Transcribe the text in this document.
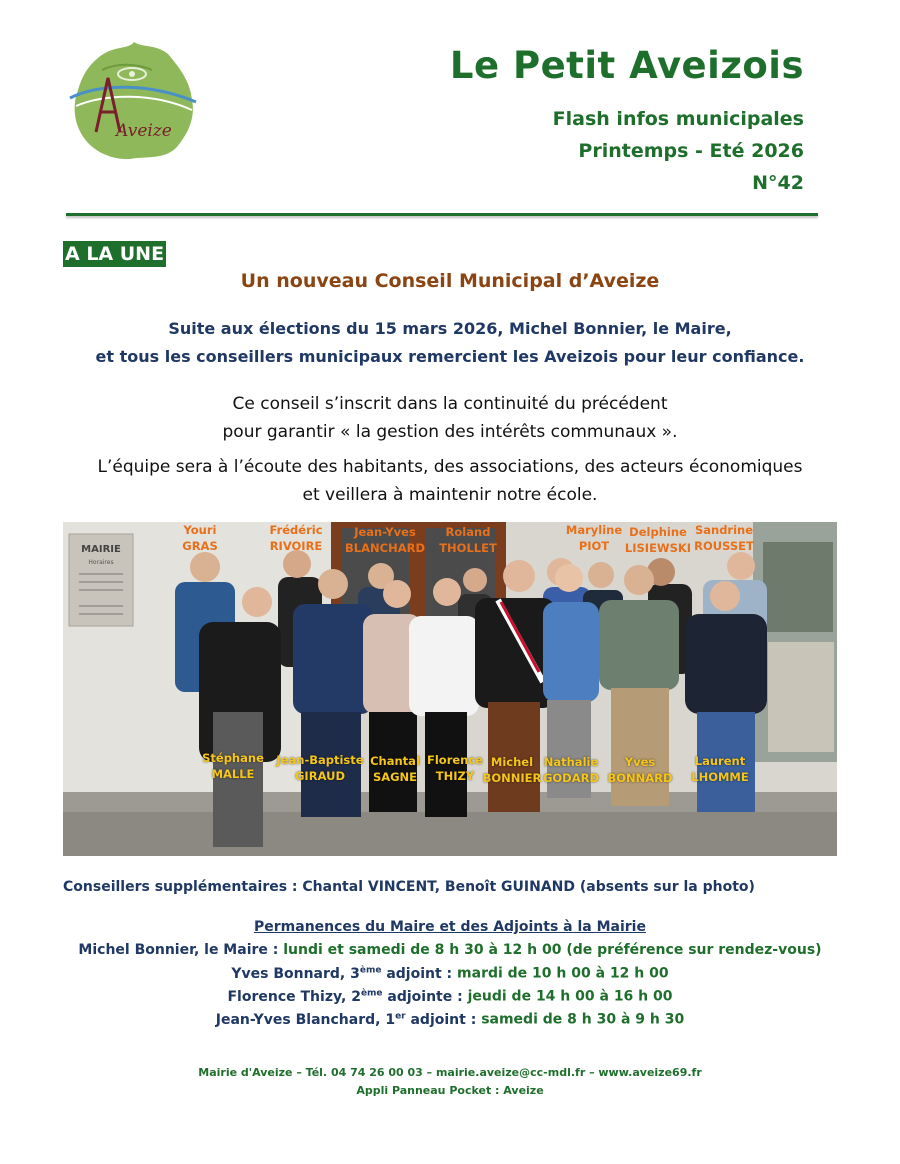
Aveize
Le Petit Aveizois
Flash infos municipales
Printemps - Eté 2026
N°42
A LA UNE
Un nouveau Conseil Municipal d’Aveize
Suite aux élections du 15 mars 2026, Michel Bonnier, le Maire,
et tous les conseillers municipaux remercient les Aveizois pour leur confiance.
Ce conseil s’inscrit dans la continuité du précédent
pour garantir « la gestion des intérêts communaux ».
L’équipe sera à l’écoute des habitants, des associations, des acteurs économiques
et veillera à maintenir notre école.
MAIRIE
Horaires
Youri
GRAS
Frédéric
RIVOIRE
Jean-Yves
BLANCHARD
Roland
THOLLET
Maryline
PIOT
Delphine
LISIEWSKI
Sandrine
ROUSSET
Stéphane
MALLE
Jean-Baptiste
GIRAUD
Chantal
SAGNE
Florence
THIZY
Michel
BONNIER
Nathalie
GODARD
Yves
BONNARD
Laurent
LHOMME
Conseillers supplémentaires : Chantal VINCENT, Benoît GUINAND (absents sur la photo)
Permanences du Maire et des Adjoints à la Mairie
Michel Bonnier, le Maire : lundi et samedi de 8 h 30 à 12 h 00 (de préférence sur rendez-vous)
Yves Bonnard, 3ème adjoint : mardi de 10 h 00 à 12 h 00
Florence Thizy, 2ème adjointe : jeudi de 14 h 00 à 16 h 00
Jean-Yves Blanchard, 1er adjoint : samedi de 8 h 30 à 9 h 30
Mairie d'Aveize – Tél. 04 74 26 00 03 – mairie.aveize@cc-mdl.fr – www.aveize69.fr
Appli Panneau Pocket : Aveize
